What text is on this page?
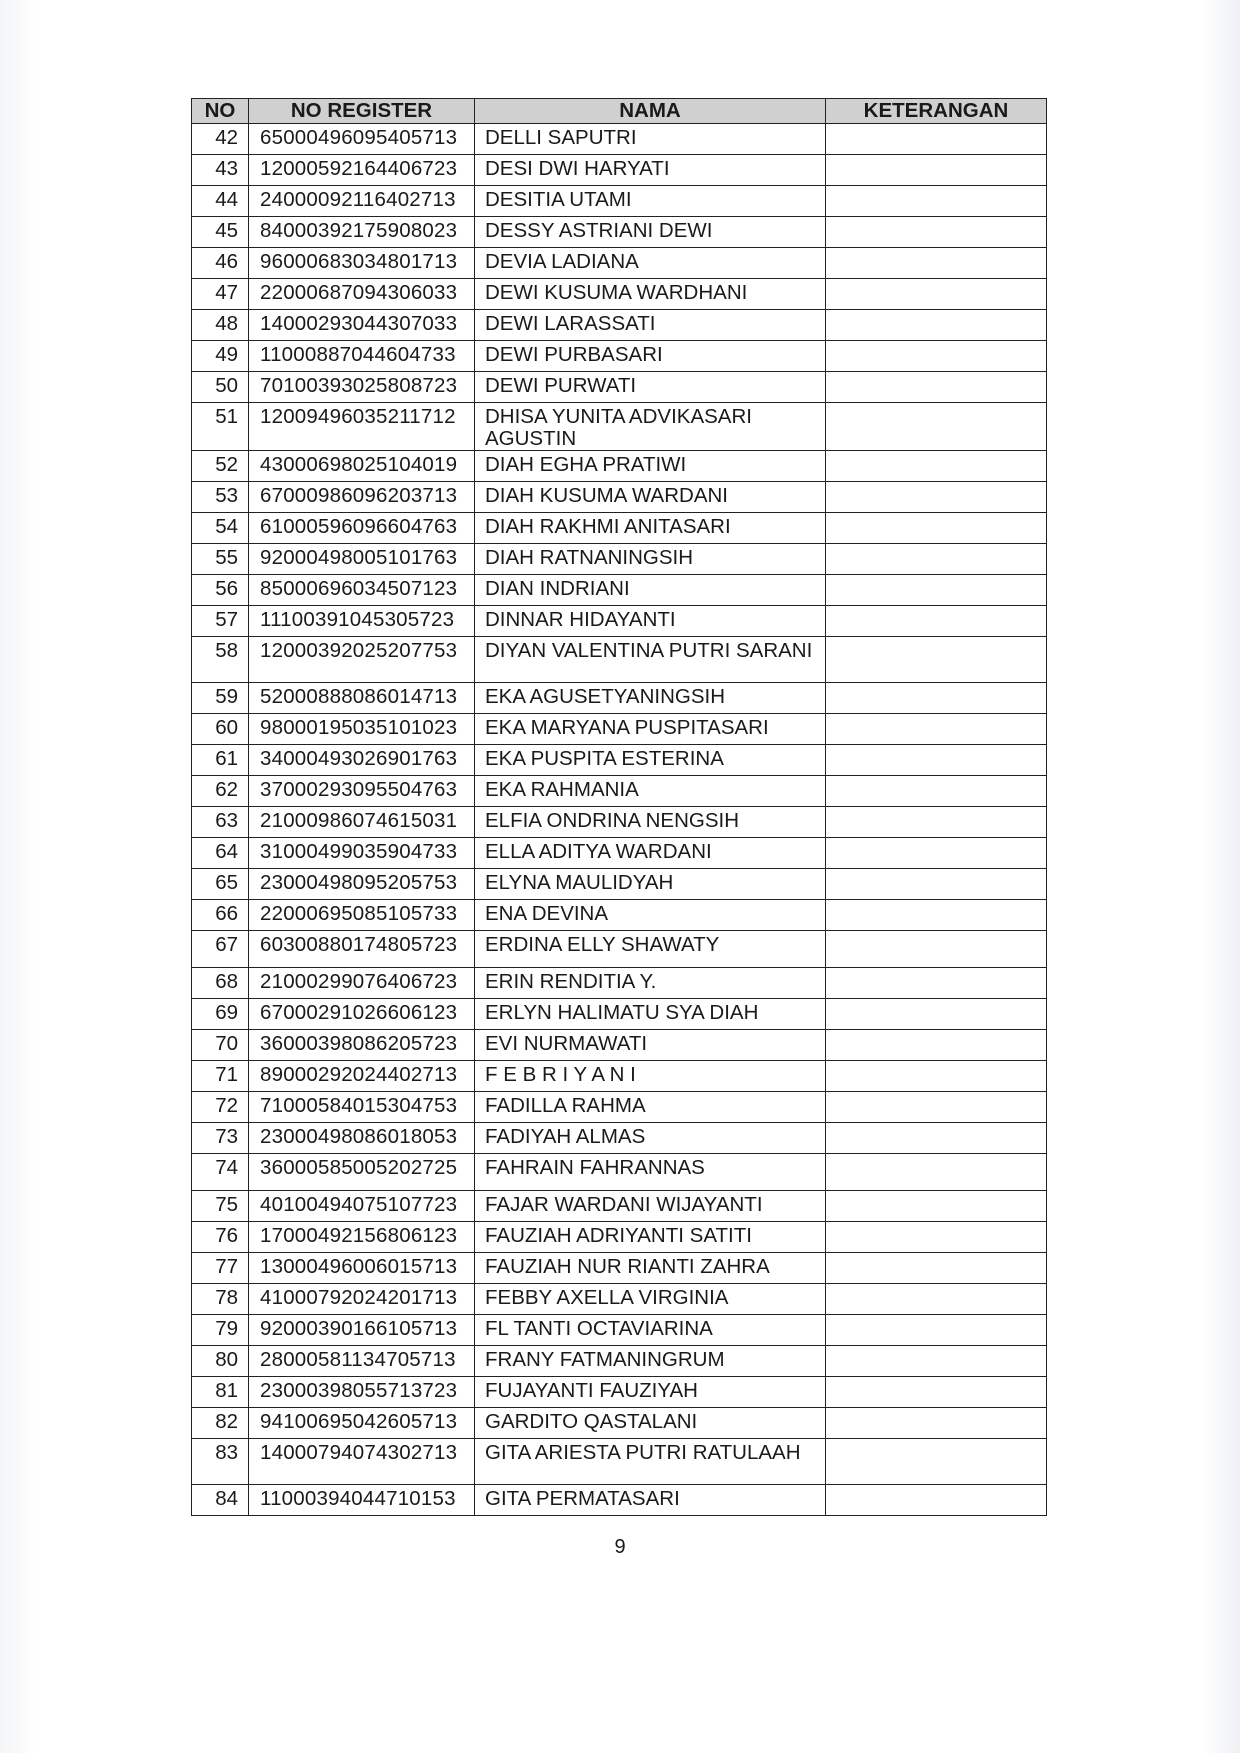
NO	NO REGISTER	NAMA	KETERANGAN
42	65000496095405713	DELLI SAPUTRI	
43	12000592164406723	DESI DWI HARYATI	
44	24000092116402713	DESITIA UTAMI	
45	84000392175908023	DESSY ASTRIANI DEWI	
46	96000683034801713	DEVIA LADIANA	
47	22000687094306033	DEWI KUSUMA WARDHANI	
48	14000293044307033	DEWI LARASSATI	
49	11000887044604733	DEWI PURBASARI	
50	70100393025808723	DEWI PURWATI	
51	12009496035211712	DHISA YUNITA ADVIKASARI AGUSTIN	
52	43000698025104019	DIAH EGHA PRATIWI	
53	67000986096203713	DIAH KUSUMA WARDANI	
54	61000596096604763	DIAH RAKHMI ANITASARI	
55	92000498005101763	DIAH RATNANINGSIH	
56	85000696034507123	DIAN INDRIANI	
57	11100391045305723	DINNAR HIDAYANTI	
58	12000392025207753	DIYAN VALENTINA PUTRI SARANI	
59	52000888086014713	EKA AGUSETYANINGSIH	
60	98000195035101023	EKA MARYANA PUSPITASARI	
61	34000493026901763	EKA PUSPITA ESTERINA	
62	37000293095504763	EKA RAHMANIA	
63	21000986074615031	ELFIA ONDRINA NENGSIH	
64	31000499035904733	ELLA ADITYA WARDANI	
65	23000498095205753	ELYNA MAULIDYAH	
66	22000695085105733	ENA DEVINA	
67	60300880174805723	ERDINA ELLY SHAWATY	
68	21000299076406723	ERIN RENDITIA Y.	
69	67000291026606123	ERLYN HALIMATU SYA DIAH	
70	36000398086205723	EVI NURMAWATI	
71	89000292024402713	F E B R I Y A N I	
72	71000584015304753	FADILLA RAHMA	
73	23000498086018053	FADIYAH ALMAS	
74	36000585005202725	FAHRAIN FAHRANNAS	
75	40100494075107723	FAJAR WARDANI WIJAYANTI	
76	17000492156806123	FAUZIAH ADRIYANTI SATITI	
77	13000496006015713	FAUZIAH NUR RIANTI ZAHRA	
78	41000792024201713	FEBBY AXELLA VIRGINIA	
79	92000390166105713	FL TANTI OCTAVIARINA	
80	28000581134705713	FRANY FATMANINGRUM	
81	23000398055713723	FUJAYANTI FAUZIYAH	
82	94100695042605713	GARDITO QASTALANI	
83	14000794074302713	GITA ARIESTA PUTRI RATULAAH	
84	11000394044710153	GITA PERMATASARI	
9
